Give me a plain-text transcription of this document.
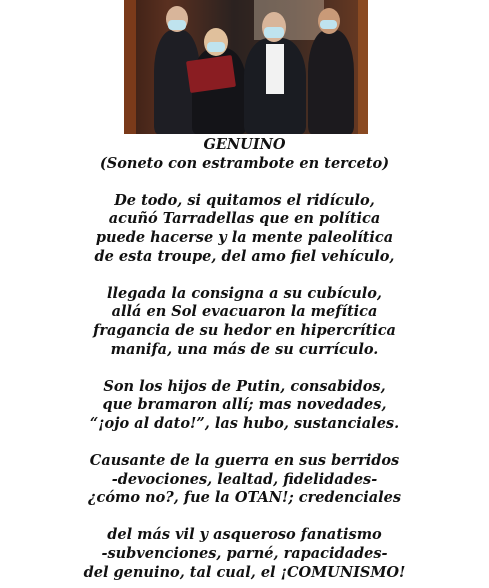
GENUINO
(Soneto con estrambote en terceto)
De todo, si quitamos el ridículo,
acuñó Tarradellas que en política
puede hacerse y la mente paleolítica
de esta troupe, del amo fiel vehículo,
llegada la consigna a su cubículo,
allá en Sol evacuaron la mefítica
fragancia de su hedor en hipercrítica
manifa, una más de su currículo.
Son los hijos de Putin, consabidos,
que bramaron allí; mas novedades,
“¡ojo al dato!”, las hubo, sustanciales.
Causante de la guerra en sus berridos
-devociones, lealtad, fidelidades-
¿cómo no?, fue la OTAN!; credenciales
del más vil y asqueroso fanatismo
-subvenciones, parné, rapacidades-
del genuino, tal cual, el ¡COMUNISMO!
